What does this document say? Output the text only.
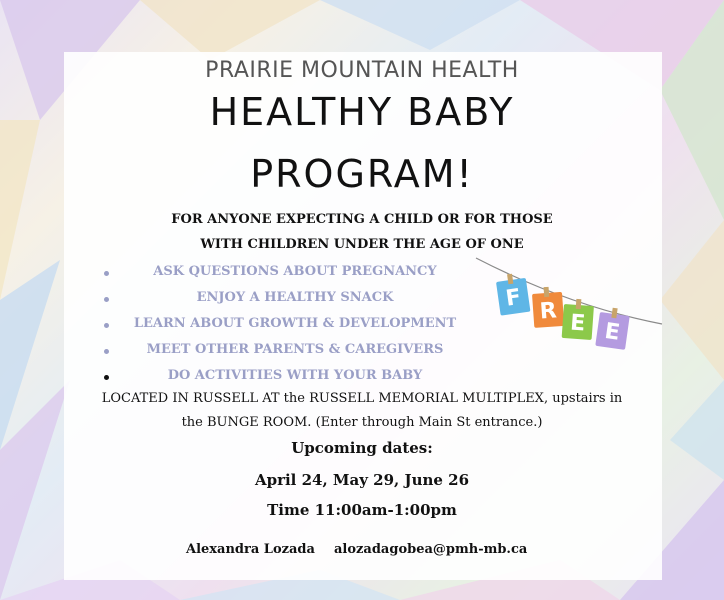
PRAIRIE MOUNTAIN HEALTH
HEALTHY BABY
PROGRAM!
FOR ANYONE EXPECTING A CHILD OR FOR THOSE
WITH CHILDREN UNDER THE AGE OF ONE
ASK QUESTIONS ABOUT PREGNANCY
ENJOY A HEALTHY SNACK
LEARN ABOUT GROWTH & DEVELOPMENT
MEET OTHER PARENTS & CAREGIVERS
DO ACTIVITIES WITH YOUR BABY
F R E E
LOCATED IN RUSSELL AT the RUSSELL MEMORIAL MULTIPLEX, upstairs in
the BUNGE ROOM. (Enter through Main St entrance.)
Upcoming dates:
April 24, May 29, June 26
Time 11:00am-1:00pm
Alexandra Lozada alozadagobea@pmh-mb.ca
